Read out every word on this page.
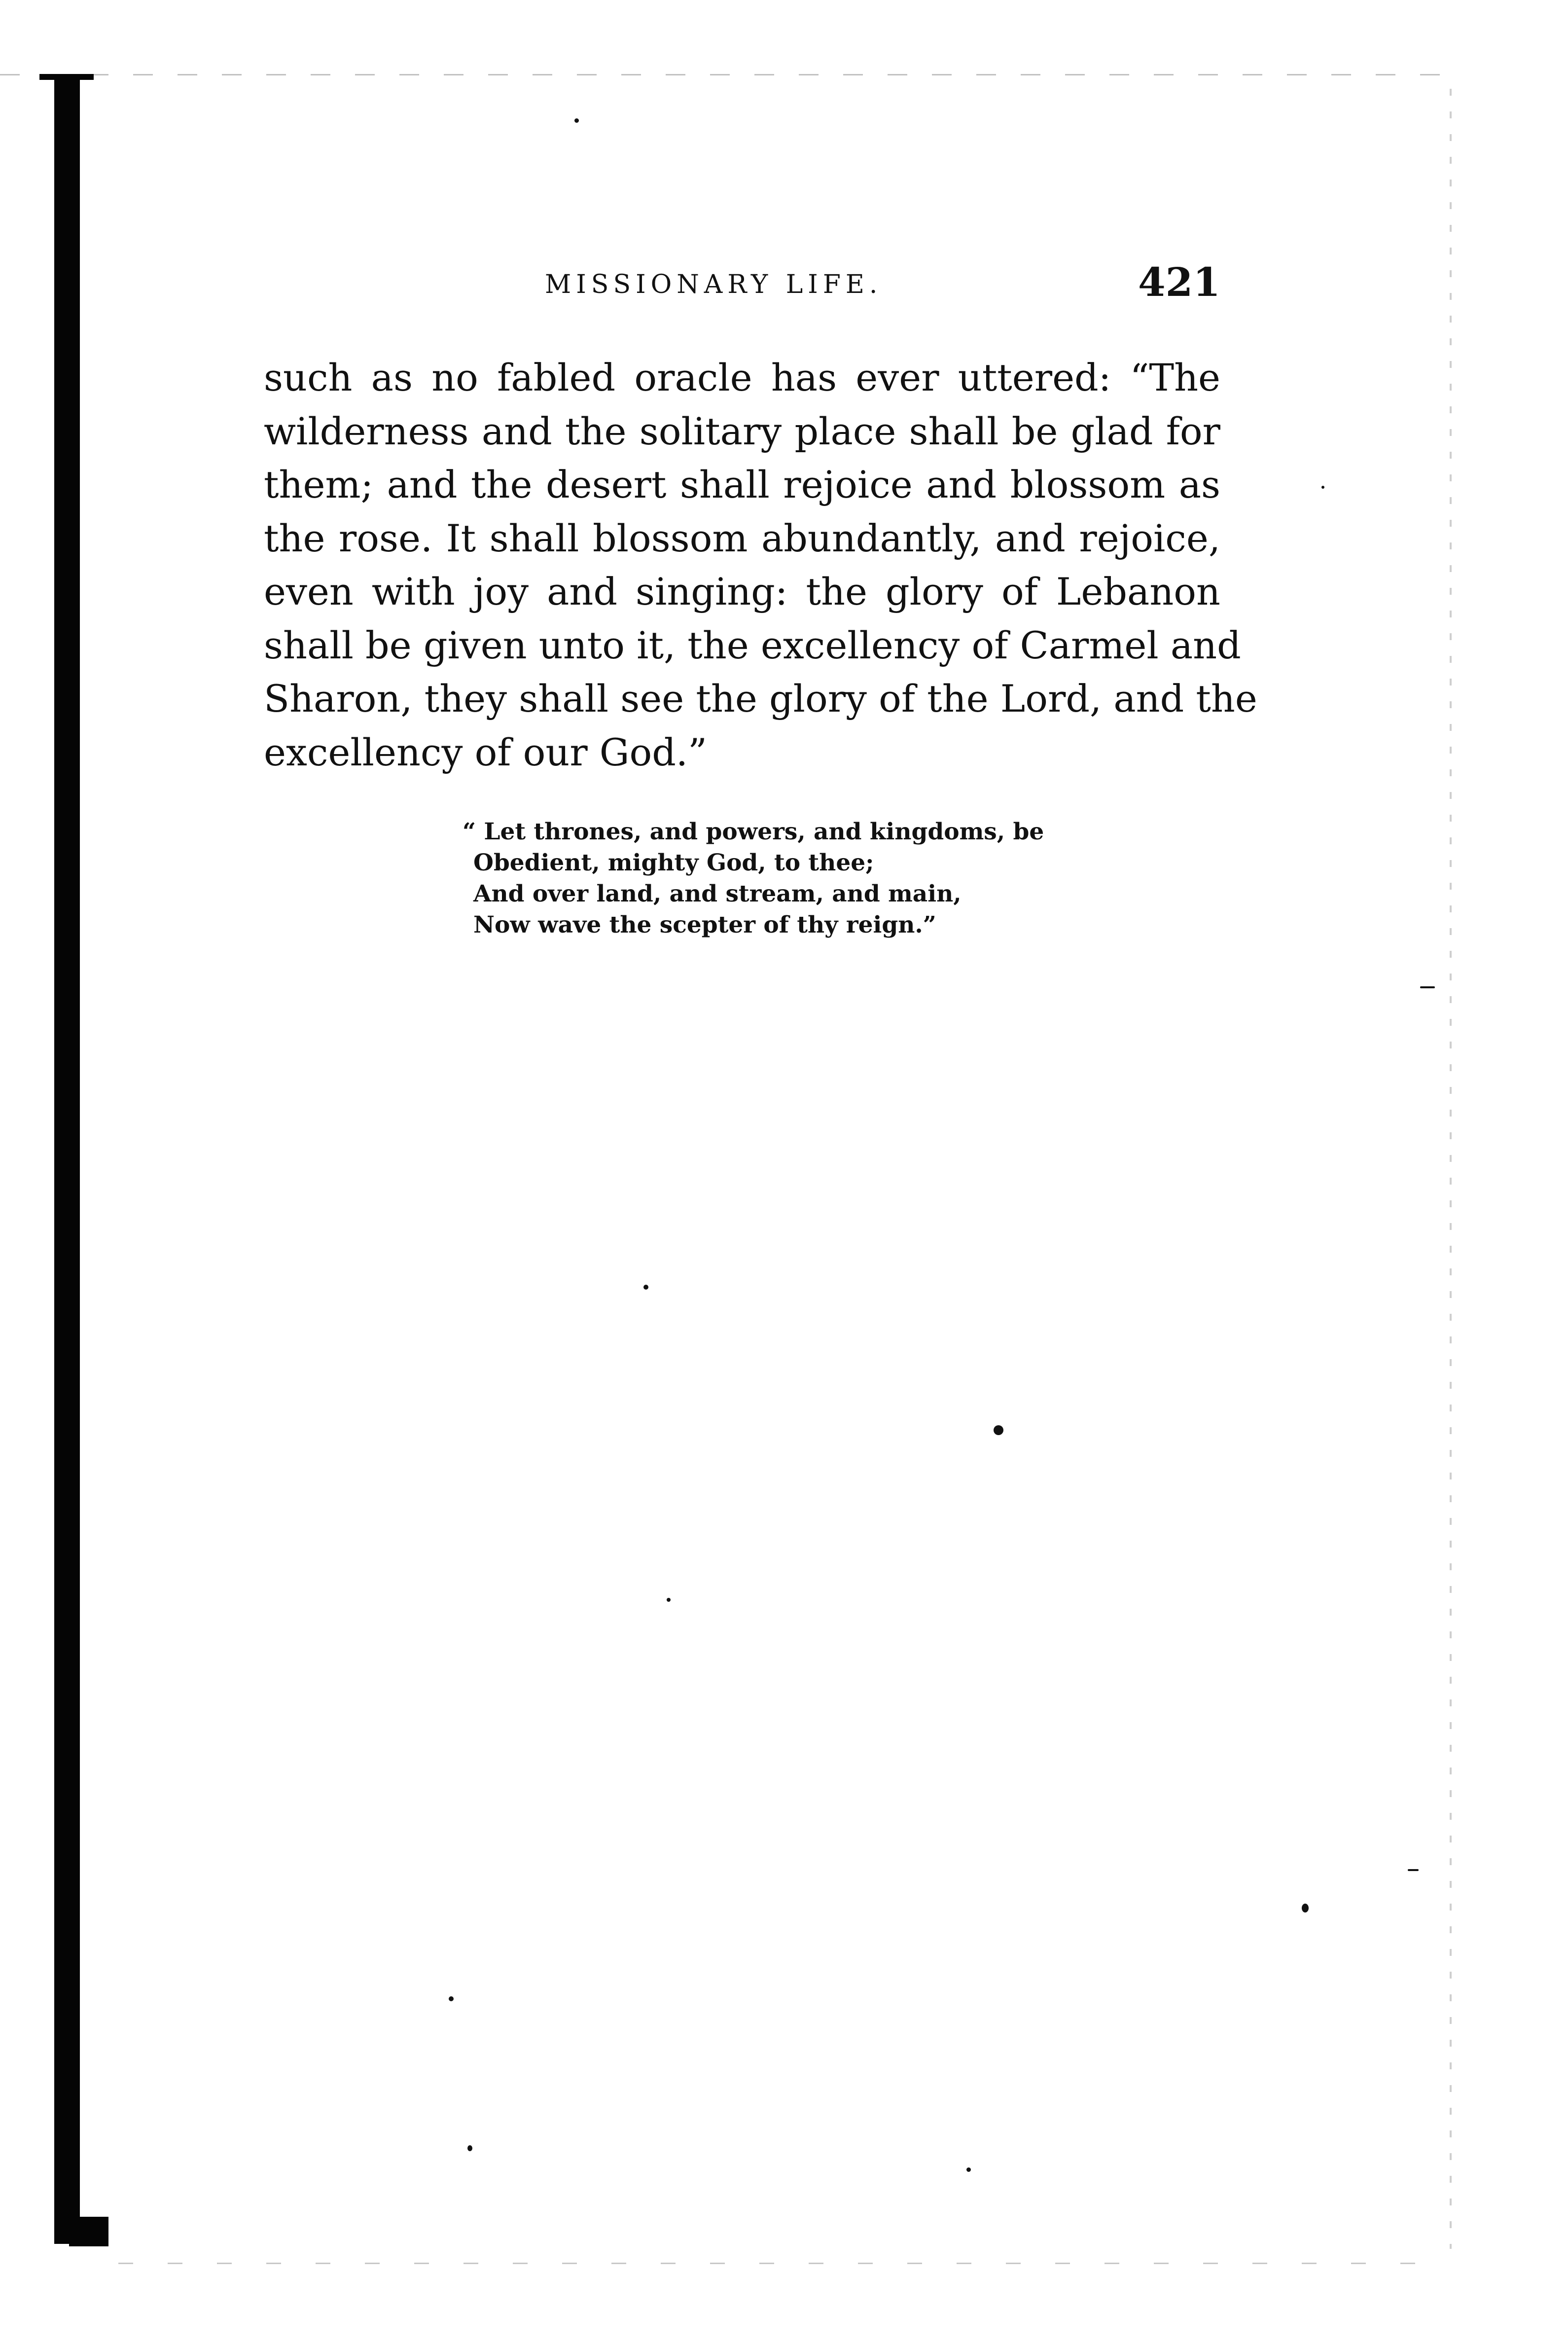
MISSIONARY LIFE.	421

such as no fabled oracle has ever uttered: “The
wilderness and the solitary place shall be glad for
them; and the desert shall rejoice and blossom as
the rose. It shall blossom abundantly, and rejoice,
even with joy and singing: the glory of Lebanon
shall be given unto it, the excellency of Carmel and
Sharon, they shall see the glory of the Lord, and the
excellency of our God.”

“ Let thrones, and powers, and kingdoms, be
Obedient, mighty God, to thee;
And over land, and stream, and main,
Now wave the scepter of thy reign.”
